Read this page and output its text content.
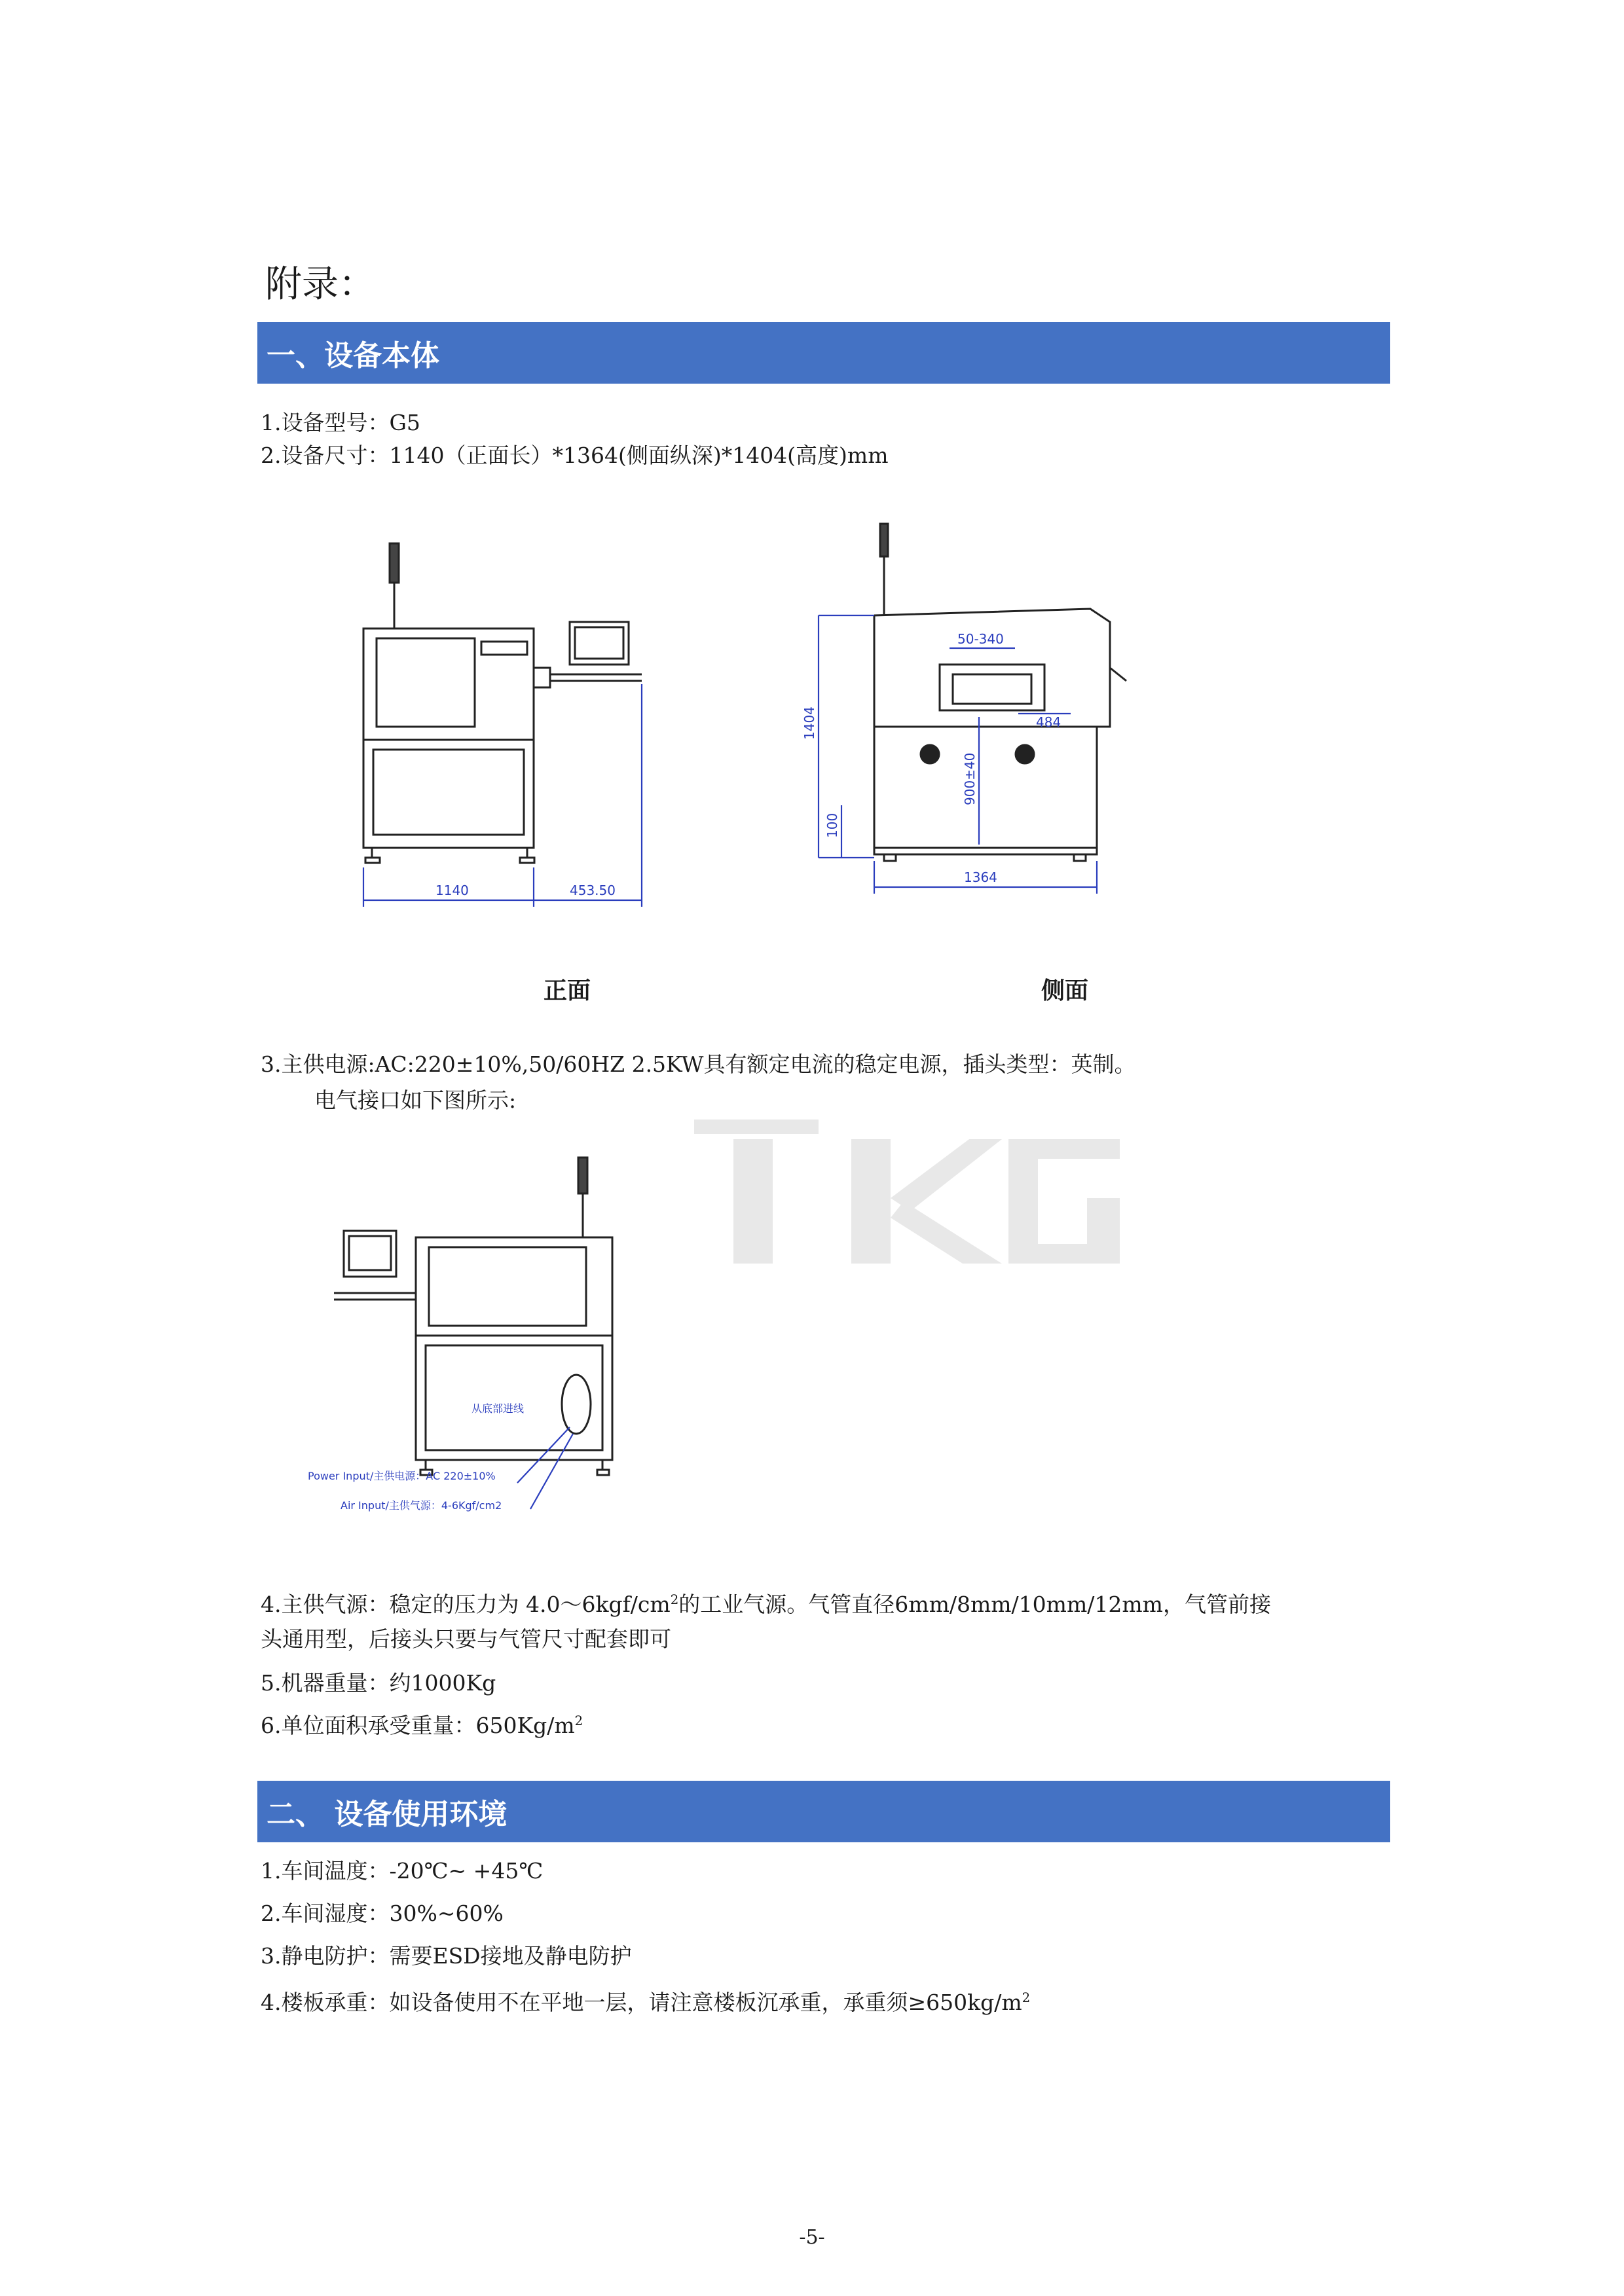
附录：
一、设备本体
1.设备型号：G5
2.设备尺寸：1140（正面长）*1364(侧面纵深)*1404(高度)mm
1140	453.50
1404
100
50-340
484
900±40
1364
正面	侧面
3.主供电源:AC:220±10%,50/60HZ 2.5KW具有额定电流的稳定电源，插头类型：英制。
电气接口如下图所示:
从底部进线
Power Input/主供电源：AC 220±10%
Air Input/主供气源：4-6Kgf/cm2
4.主供气源：稳定的压力为 $4.0\sim 6kgf/cm^2$的工业气源。气管直径6mm/8mm/10mm/12mm，气管前接
头通用型，后接头只要与气管尺寸配套即可
5.机器重量：约1000Kg
6.单位面积承受重量：$650Kg/m^2$
二、 设备使用环境
1.车间温度：-20℃~ +45℃
2.车间湿度：30%~60%
3.静电防护：需要ESD接地及静电防护
4.楼板承重：如设备使用不在平地一层，请注意楼板沉承重，承重须$\ge 650kg/m^2$
-5-
